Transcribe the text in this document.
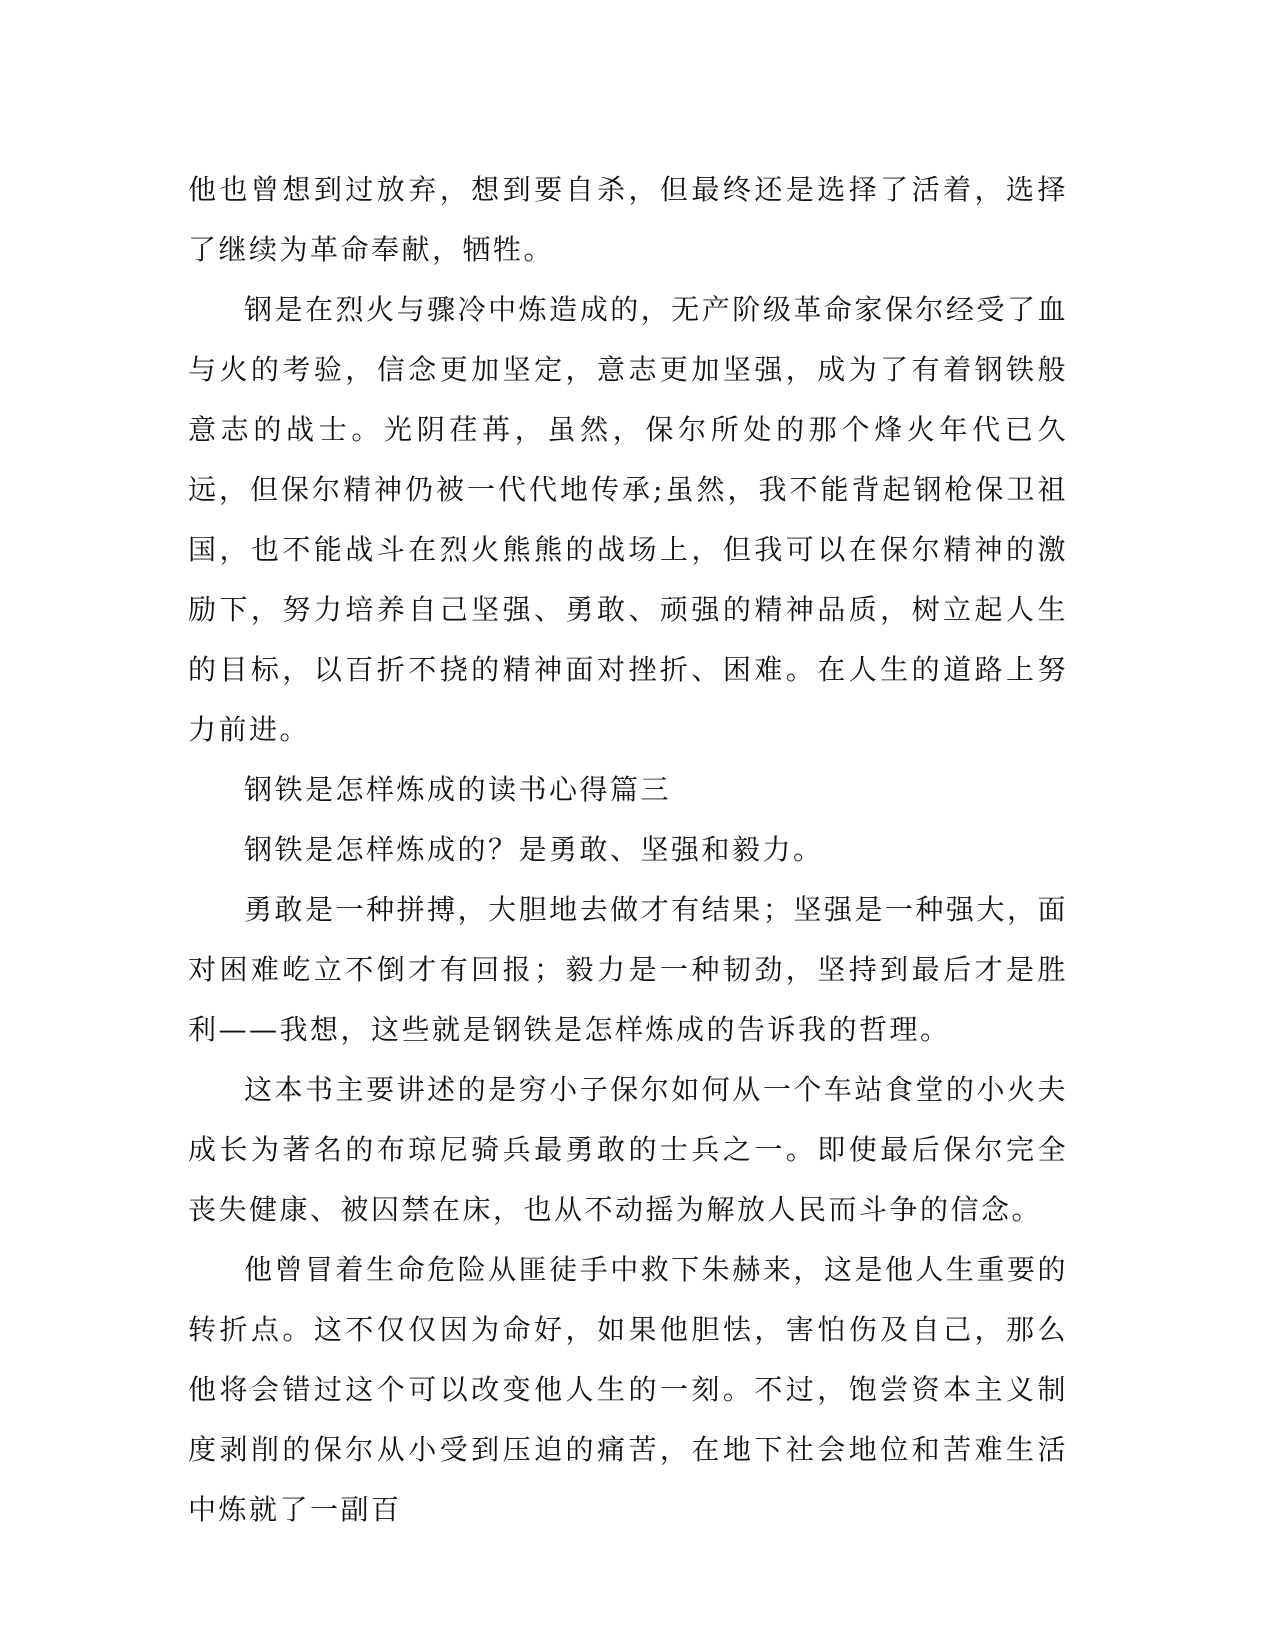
他也曾想到过放弃，想到要自杀，但最终还是选择了活着，选择了继续为革命奉献，牺牲。

钢是在烈火与骤冷中炼造成的，无产阶级革命家保尔经受了血与火的考验，信念更加坚定，意志更加坚强，成为了有着钢铁般意志的战士。光阴荏苒，虽然，保尔所处的那个烽火年代已久远，但保尔精神仍被一代代地传承;虽然，我不能背起钢枪保卫祖国，也不能战斗在烈火熊熊的战场上，但我可以在保尔精神的激励下，努力培养自己坚强、勇敢、顽强的精神品质，树立起人生的目标，以百折不挠的精神面对挫折、困难。在人生的道路上努力前进。

钢铁是怎样炼成的读书心得篇三

钢铁是怎样炼成的？是勇敢、坚强和毅力。

勇敢是一种拼搏，大胆地去做才有结果；坚强是一种强大，面对困难屹立不倒才有回报；毅力是一种韧劲，坚持到最后才是胜利——我想，这些就是钢铁是怎样炼成的告诉我的哲理。

这本书主要讲述的是穷小子保尔如何从一个车站食堂的小火夫成长为著名的布琼尼骑兵最勇敢的士兵之一。即使最后保尔完全丧失健康、被囚禁在床，也从不动摇为解放人民而斗争的信念。

他曾冒着生命危险从匪徒手中救下朱赫来，这是他人生重要的转折点。这不仅仅因为命好，如果他胆怯，害怕伤及自己，那么他将会错过这个可以改变他人生的一刻。不过，饱尝资本主义制度剥削的保尔从小受到压迫的痛苦，在地下社会地位和苦难生活中炼就了一副百
